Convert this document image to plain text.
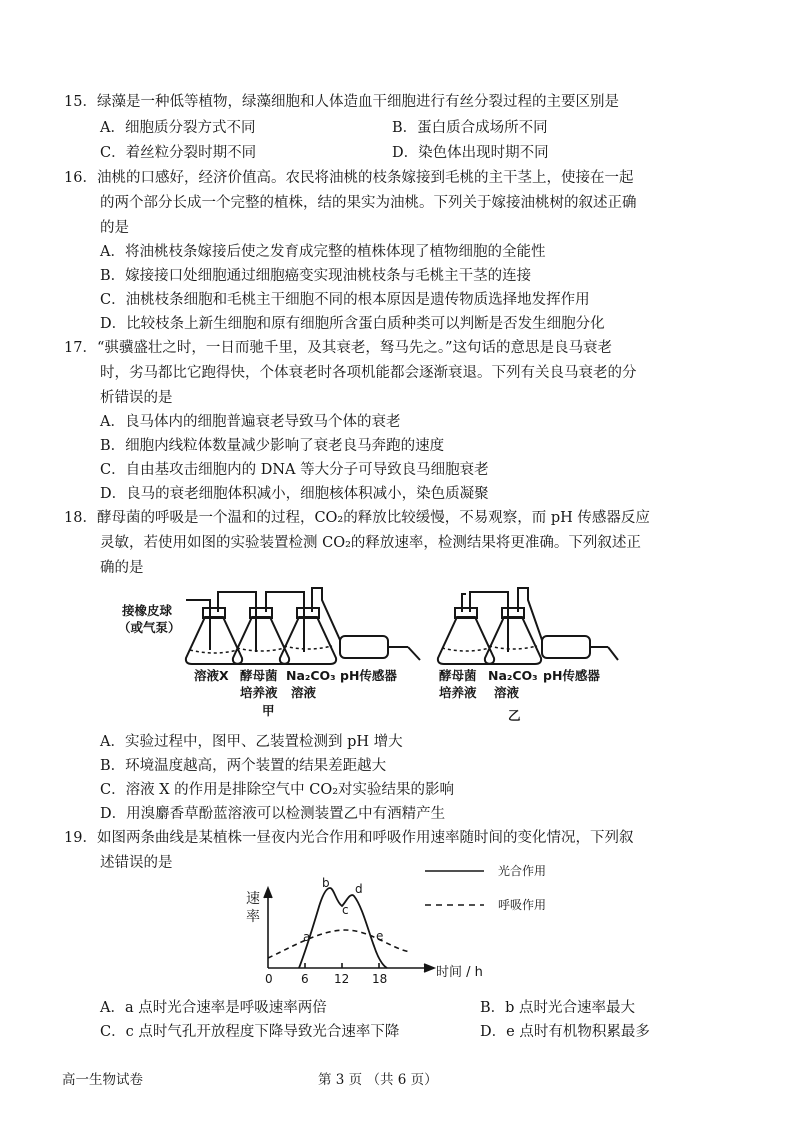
15．绿藻是一种低等植物，绿藻细胞和人体造血干细胞进行有丝分裂过程的主要区别是
A．细胞质分裂方式不同	B．蛋白质合成场所不同
C．着丝粒分裂时期不同	D．染色体出现时期不同
16．油桃的口感好，经济价值高。农民将油桃的枝条嫁接到毛桃的主干茎上，使接在一起
的两个部分长成一个完整的植株，结的果实为油桃。下列关于嫁接油桃树的叙述正确
的是
A．将油桃枝条嫁接后使之发育成完整的植株体现了植物细胞的全能性
B．嫁接接口处细胞通过细胞癌变实现油桃枝条与毛桃主干茎的连接
C．油桃枝条细胞和毛桃主干细胞不同的根本原因是遗传物质选择地发挥作用
D．比较枝条上新生细胞和原有细胞所含蛋白质种类可以判断是否发生细胞分化
17．“骐骥盛壮之时，一日而驰千里，及其衰老，驽马先之。”这句话的意思是良马衰老
时，劣马都比它跑得快，个体衰老时各项机能都会逐渐衰退。下列有关良马衰老的分
析错误的是
A．良马体内的细胞普遍衰老导致马个体的衰老
B．细胞内线粒体数量减少影响了衰老良马奔跑的速度
C．自由基攻击细胞内的 DNA 等大分子可导致良马细胞衰老
D．良马的衰老细胞体积减小，细胞核体积减小，染色质凝聚
18．酵母菌的呼吸是一个温和的过程，CO₂的释放比较缓慢，不易观察，而 pH 传感器反应
灵敏，若使用如图的实验装置检测 CO₂的释放速率，检测结果将更准确。下列叙述正
确的是
接橡皮球
（或气泵）
溶液X 酵母菌
培养液
Na₂CO₃
溶液
pH传感器
甲
酵母菌
培养液
Na₂CO₃
溶液
pH传感器
乙
A．实验过程中，图甲、乙装置检测到 pH 增大
B．环境温度越高，两个装置的结果差距越大
C．溶液 X 的作用是排除空气中 CO₂对实验结果的影响
D．用溴麝香草酚蓝溶液可以检测装置乙中有酒精产生
19．如图两条曲线是某植株一昼夜内光合作用和呼吸作用速率随时间的变化情况，下列叙
述错误的是	光合作用
呼吸作用
速
率
时间 / h
0 6 12 18
a
b
c
d
e
A．a 点时光合速率是呼吸速率两倍	B．b 点时光合速率最大
C．c 点时气孔开放程度下降导致光合速率下降	D．e 点时有机物积累最多
高一生物试卷	第 3 页 （共 6 页）
